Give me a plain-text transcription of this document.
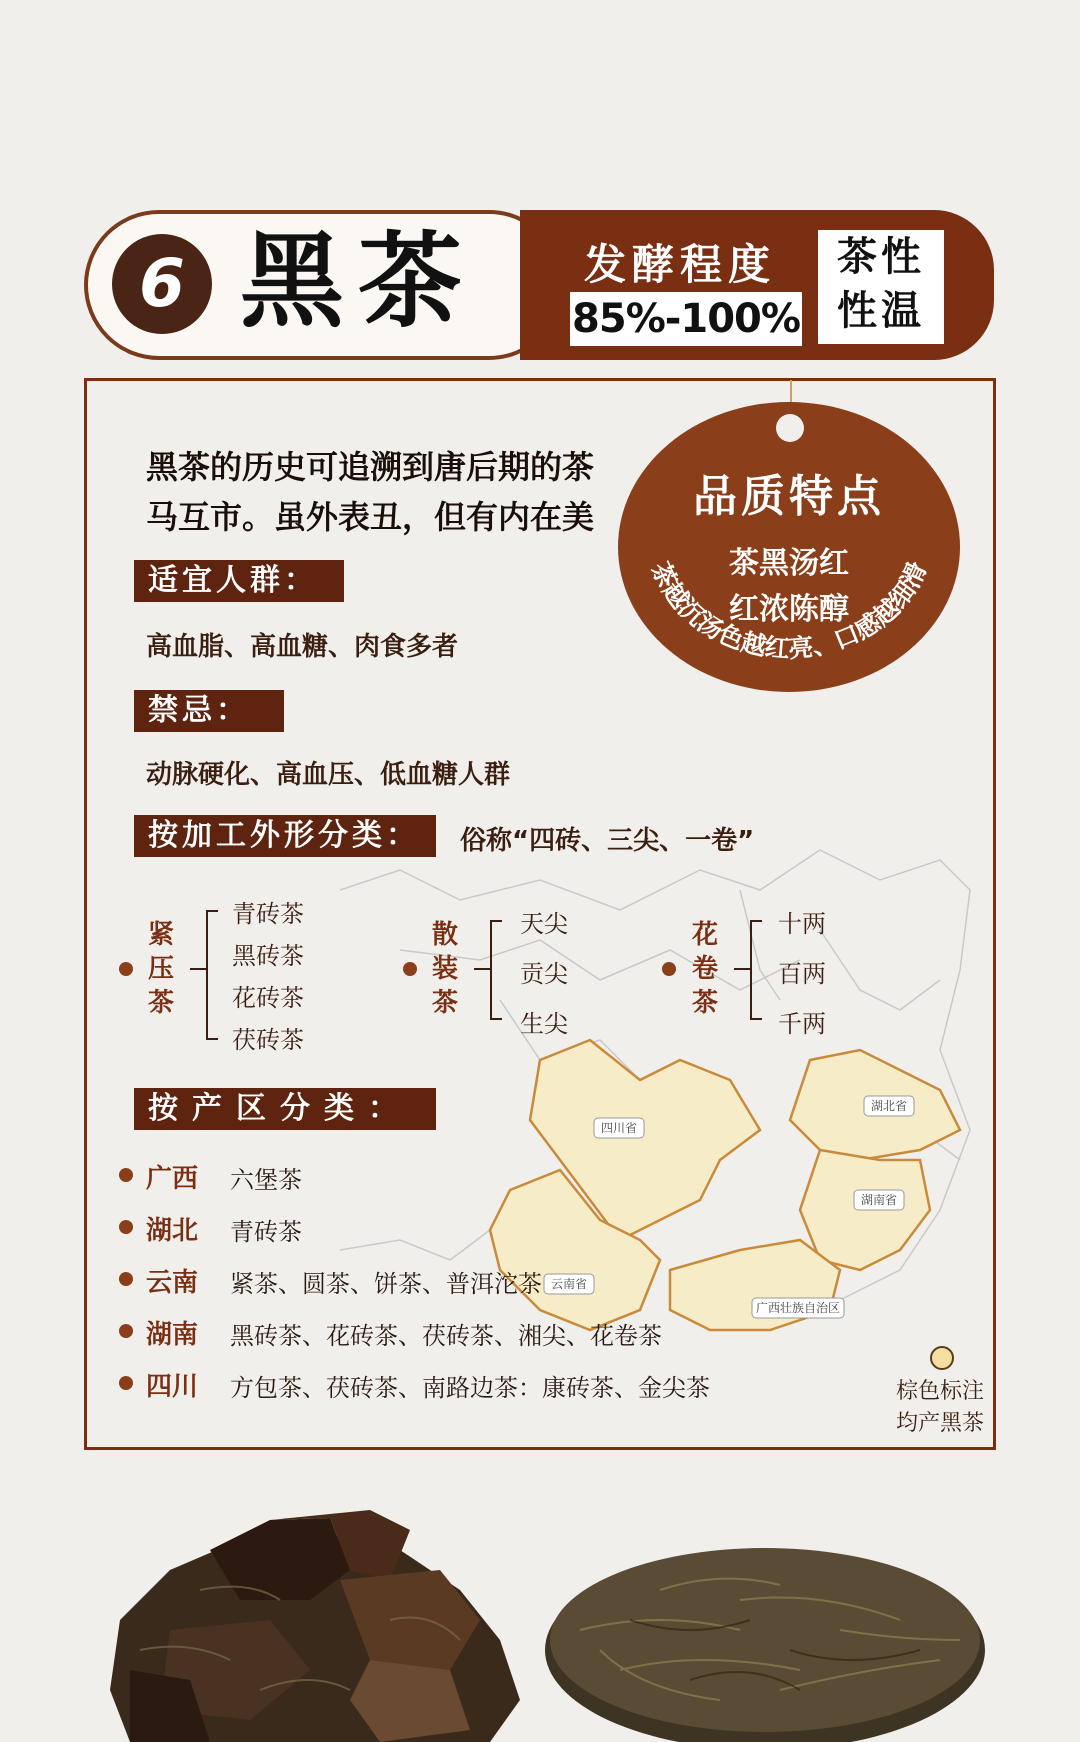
6 黑茶	发酵程度
85%-100%
茶性
性温
四川省
湖北省
湖南省
云南省
广西壮族自治区
黑茶的历史可追溯到唐后期的茶
马互市。虽外表丑，但有内在美	品质特点
茶黑汤红
红浓陈醇
茶越沉汤色越红亮、口感越细滑
适宜人群：
高血脂、高血糖、肉食多者
禁忌：
动脉硬化、高血压、低血糖人群
按加工外形分类：	俗称“四砖、三尖、一卷”
紧
压
茶
青砖茶
黑砖茶
花砖茶
茯砖茶
散
装
茶
天尖
贡尖
生尖
花
卷
茶
十两
百两
千两
按产区分类：
广西 六堡茶
湖北 青砖茶
云南 紧茶、圆茶、饼茶、普洱沱茶
湖南 黑砖茶、花砖茶、茯砖茶、湘尖、花卷茶
四川 方包茶、茯砖茶、南路边茶：康砖茶、金尖茶	棕色标注
均产黑茶
